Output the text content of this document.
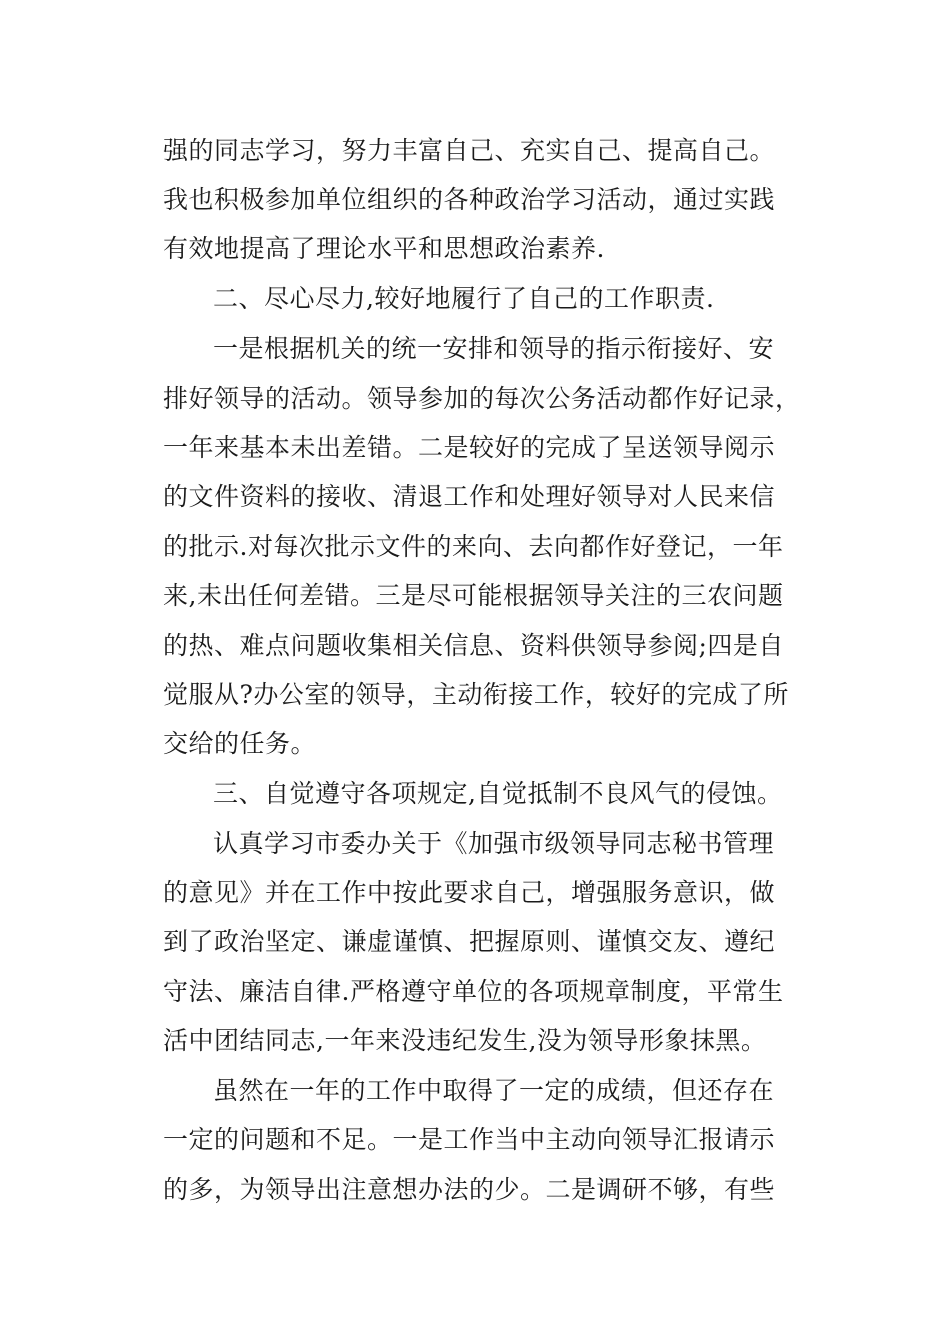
强的同志学习，努力丰富自己、充实自己、提高自己。
我也积极参加单位组织的各种政治学习活动，通过实践
有效地提高了理论水平和思想政治素养.
二、尽心尽力,较好地履行了自己的工作职责.
一是根据机关的统一安排和领导的指示衔接好、安
排好领导的活动。领导参加的每次公务活动都作好记录，
一年来基本未出差错。二是较好的完成了呈送领导阅示
的文件资料的接收、清退工作和处理好领导对人民来信
的批示.对每次批示文件的来向、去向都作好登记，一年
来,未出任何差错。三是尽可能根据领导关注的三农问题
的热、难点问题收集相关信息、资料供领导参阅;四是自
觉服从?办公室的领导，主动衔接工作，较好的完成了所
交给的任务。
三、自觉遵守各项规定,自觉抵制不良风气的侵蚀。
认真学习市委办关于《加强市级领导同志秘书管理
的意见》并在工作中按此要求自己，增强服务意识，做
到了政治坚定、谦虚谨慎、把握原则、谨慎交友、遵纪
守法、廉洁自律.严格遵守单位的各项规章制度，平常生
活中团结同志,一年来没违纪发生,没为领导形象抹黑。
虽然在一年的工作中取得了一定的成绩，但还存在
一定的问题和不足。一是工作当中主动向领导汇报请示
的多，为领导出注意想办法的少。二是调研不够，有些
